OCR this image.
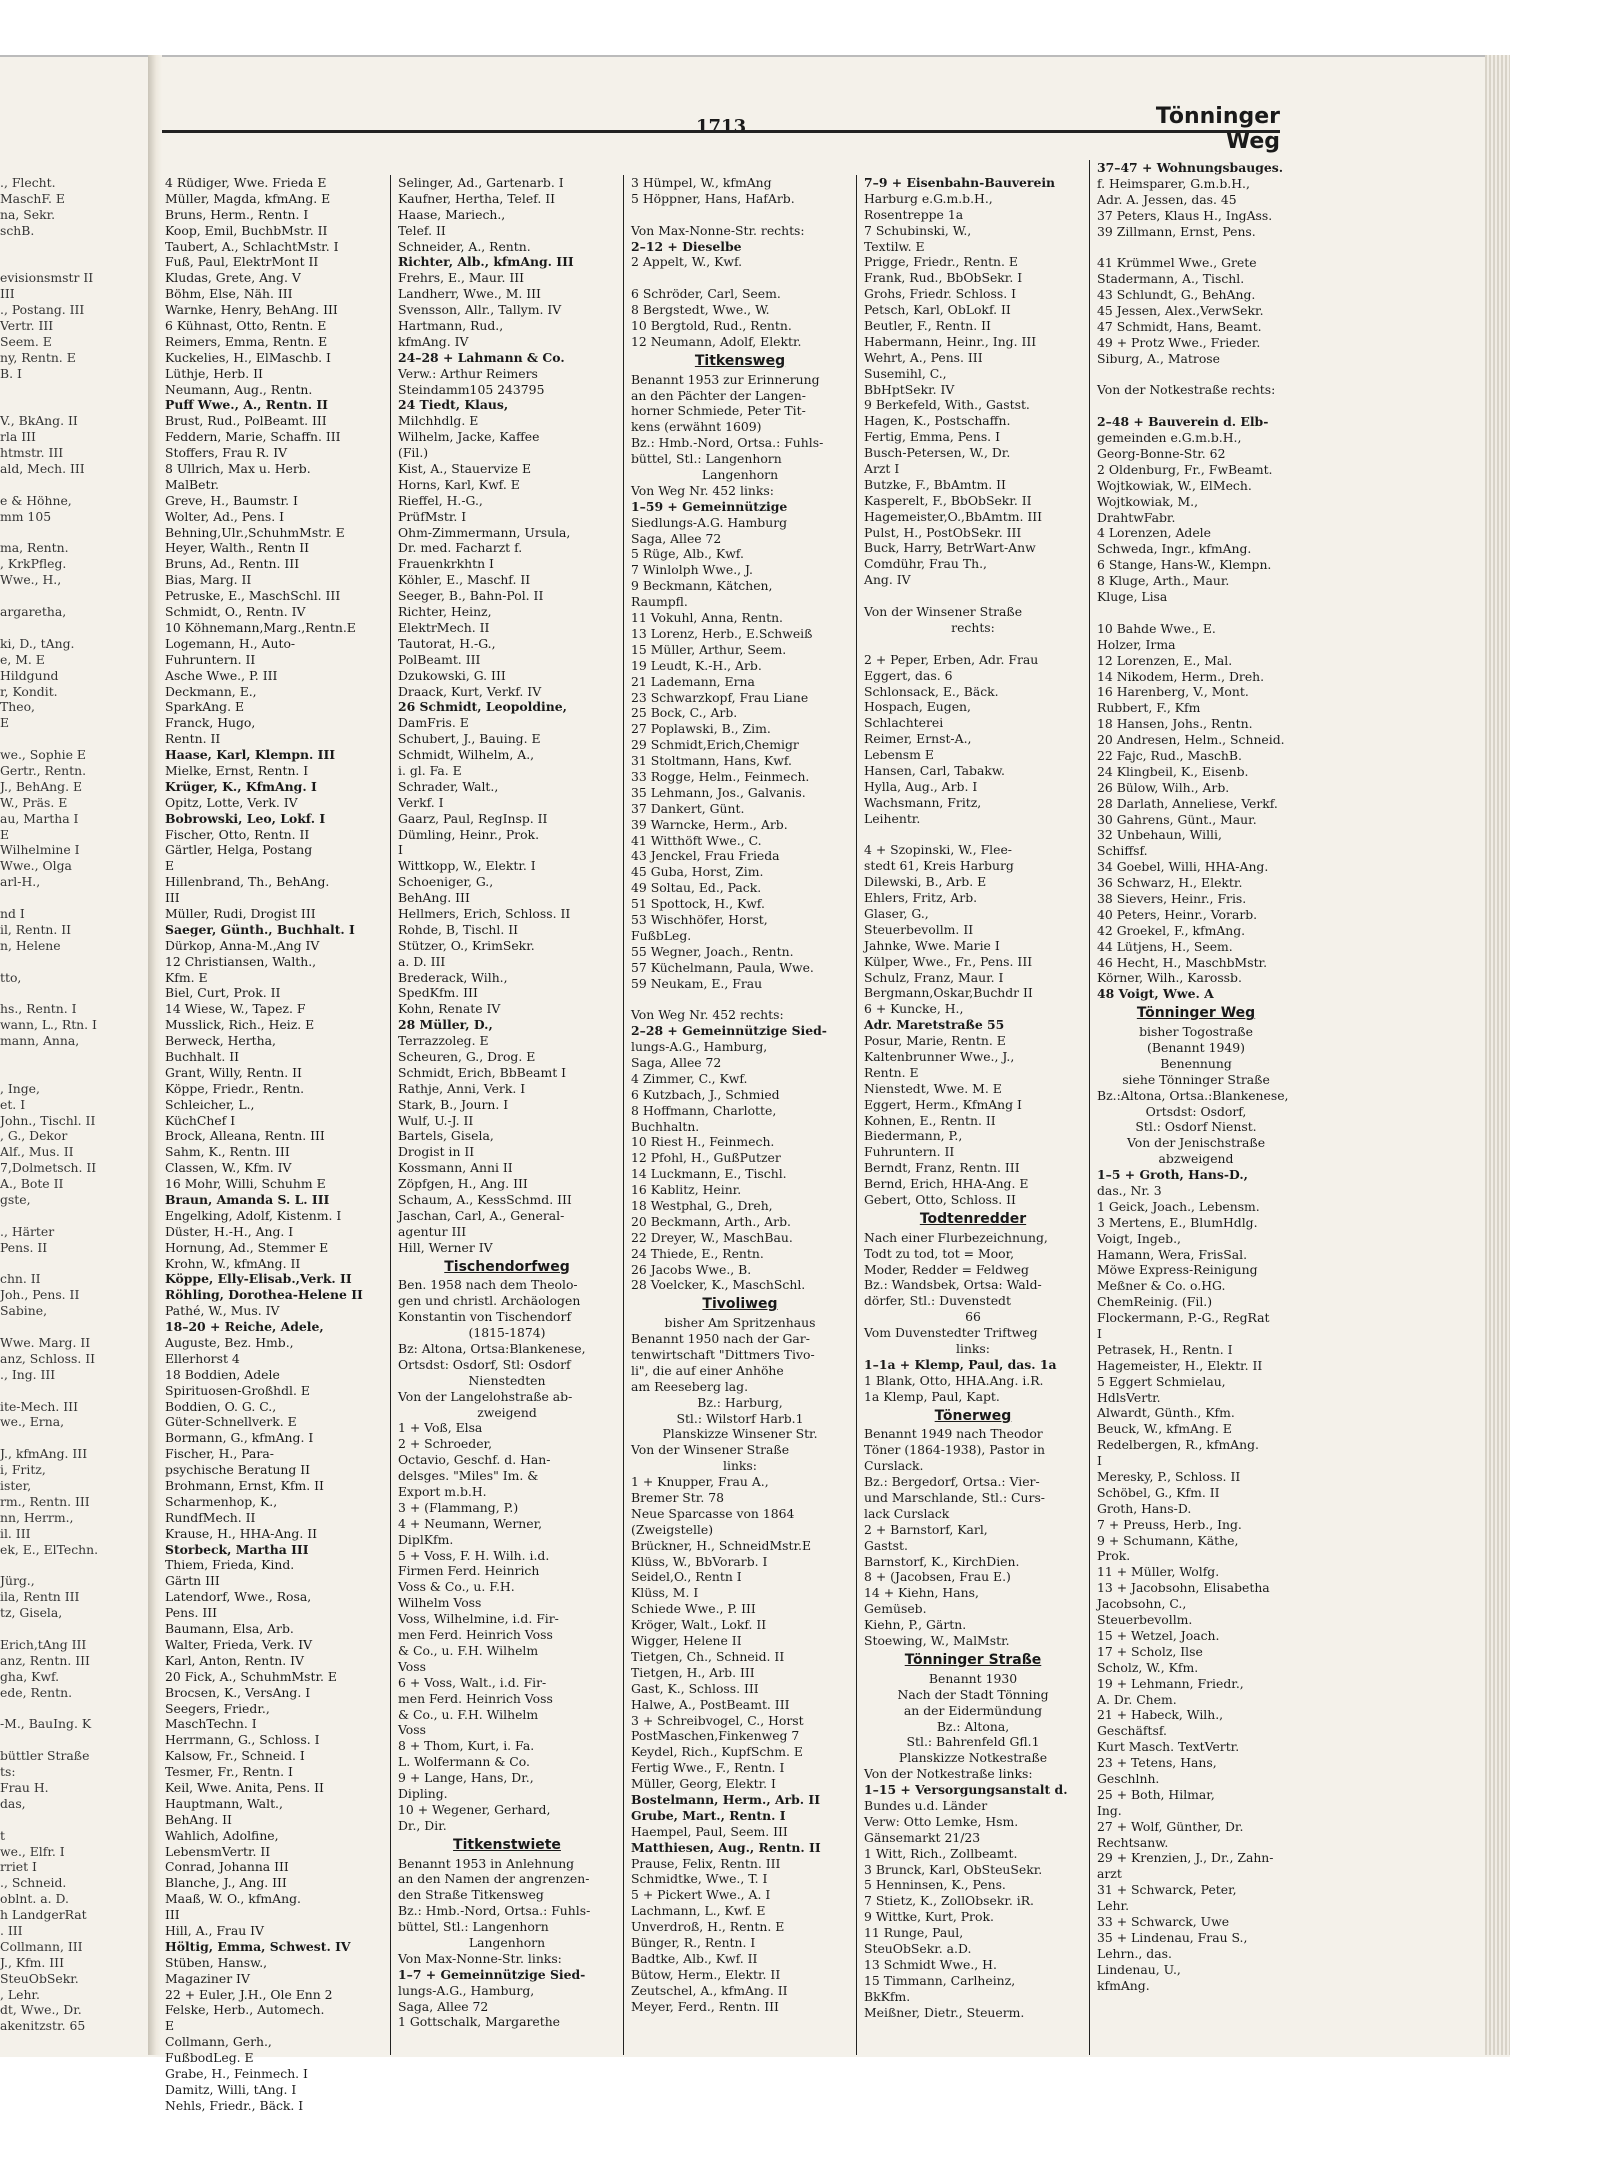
1713	Tönninger Weg
., Flecht.
MaschF. E
na, Sekr.
schB.
evisionsmstr II
III
., Postang. III
Vertr. III
Seem. E
ny, Rentn. E
B. I
V., BkAng. II
rla III
htmstr. III
ald, Mech. III
e & Höhne,
mm 105
ma, Rentn.
, KrkPfleg.
Wwe., H.,
argaretha,
ki, D., tAng.
e, M. E
Hildgund
r, Kondit.
Theo,
E
we., Sophie E
Gertr., Rentn.
J., BehAng. E
W., Präs. E
au, Martha I
E
Wilhelmine I
Wwe., Olga
arl-H.,
nd I
il, Rentn. II
n, Helene
tto,
hs., Rentn. I
wann, L., Rtn. I
mann, Anna,
, Inge,
et. I
John., Tischl. II
, G., Dekor
Alf., Mus. II
7,Dolmetsch. II
A., Bote II
gste,
., Härter
Pens. II
chn. II
Joh., Pens. II
Sabine,
Wwe. Marg. II
anz, Schloss. II
., Ing. III
ite-Mech. III
we., Erna,
J., kfmAng. III
i, Fritz,
ister,
rm., Rentn. III
nn, Herrm.,
il. III
ek, E., ElTechn.
Jürg.,
ila, Rentn III
tz, Gisela,
Erich,tAng III
anz, Rentn. III
gha, Kwf.
ede, Rentn.
-M., BauIng. K
büttler Straße
ts:
Frau H.
das,
t
we., Elfr. I
rriet I
., Schneid.
oblnt. a. D.
h LandgerRat
. III
Collmann, III
J., Kfm. III
SteuObSekr.
, Lehr.
dt, Wwe., Dr.
akenitzstr. 65
4 Rüdiger, Wwe. Frieda E
Müller, Magda, kfmAng. E
Bruns, Herm., Rentn. I
Koop, Emil, BuchbMstr. II
Taubert, A., SchlachtMstr. I
Fuß, Paul, ElektrMont II
Kludas, Grete, Ang. V
Böhm, Else, Näh. III
Warnke, Henry, BehAng. III
6 Kühnast, Otto, Rentn. E
Reimers, Emma, Rentn. E
Kuckelies, H., ElMaschb. I
Lüthje, Herb. II
Neumann, Aug., Rentn.
Puff Wwe., A., Rentn. II
Brust, Rud., PolBeamt. III
Feddern, Marie, Schaffn. III
Stoffers, Frau R. IV
8 Ullrich, Max u. Herb.
MalBetr.
Greve, H., Baumstr. I
Wolter, Ad., Pens. I
Behning,Ulr.,SchuhmMstr. E
Heyer, Walth., Rentn II
Bruns, Ad., Rentn. III
Bias, Marg. II
Petruske, E., MaschSchl. III
Schmidt, O., Rentn. IV
10 Köhnemann,Marg.,Rentn.E
Logemann, H., Auto-
Fuhruntern. II
Asche Wwe., P. III
Deckmann, E.,
SparkAng. E
Franck, Hugo,
Rentn. II
Haase, Karl, Klempn. III
Mielke, Ernst, Rentn. I
Krüger, K., KfmAng. I
Opitz, Lotte, Verk. IV
Bobrowski, Leo, Lokf. I
Fischer, Otto, Rentn. II
Gärtler, Helga, Postang
E
Hillenbrand, Th., BehAng.
III
Müller, Rudi, Drogist III
Saeger, Günth., Buchhalt. I
Dürkop, Anna-M.,Ang IV
12 Christiansen, Walth.,
Kfm. E
Biel, Curt, Prok. II
14 Wiese, W., Tapez. F
Musslick, Rich., Heiz. E
Berweck, Hertha,
Buchhalt. II
Grant, Willy, Rentn. II
Köppe, Friedr., Rentn.
Schleicher, L.,
KüchChef I
Brock, Alleana, Rentn. III
Sahm, K., Rentn. III
Classen, W., Kfm. IV
16 Mohr, Willi, Schuhm E
Braun, Amanda S. L. III
Engelking, Adolf, Kistenm. I
Düster, H.-H., Ang. I
Hornung, Ad., Stemmer E
Krohn, W., kfmAng. II
Köppe, Elly-Elisab.,Verk. II
Röhling, Dorothea-Helene II
Pathé, W., Mus. IV
18–20 + Reiche, Adele,
Auguste, Bez. Hmb.,
Ellerhorst 4
18 Boddien, Adele
Spirituosen-Großhdl. E
Boddien, O. G. C.,
Güter-Schnellverk. E
Bormann, G., kfmAng. I
Fischer, H., Para-
psychische Beratung II
Brohmann, Ernst, Kfm. II
Scharmenhop, K.,
RundfMech. II
Krause, H., HHA-Ang. II
Storbeck, Martha III
Thiem, Frieda, Kind.
Gärtn III
Latendorf, Wwe., Rosa,
Pens. III
Baumann, Elsa, Arb.
Walter, Frieda, Verk. IV
Karl, Anton, Rentn. IV
20 Fick, A., SchuhmMstr. E
Brocsen, K., VersAng. I
Seegers, Friedr.,
MaschTechn. I
Herrmann, G., Schloss. I
Kalsow, Fr., Schneid. I
Tesmer, Fr., Rentn. I
Keil, Wwe. Anita, Pens. II
Hauptmann, Walt.,
BehAng. II
Wahlich, Adolfine,
LebensmVertr. II
Conrad, Johanna III
Blanche, J., Ang. III
Maaß, W. O., kfmAng.
III
Hill, A., Frau IV
Höltig, Emma, Schwest. IV
Stüben, Hansw.,
Magaziner IV
22 + Euler, J.H., Ole Enn 2
Felske, Herb., Automech.
E
Collmann, Gerh.,
FußbodLeg. E
Grabe, H., Feinmech. I
Damitz, Willi, tAng. I
Nehls, Friedr., Bäck. I
Selinger, Ad., Gartenarb. I
Kaufner, Hertha, Telef. II
Haase, Mariech.,
Telef. II
Schneider, A., Rentn.
Richter, Alb., kfmAng. III
Frehrs, E., Maur. III
Landherr, Wwe., M. III
Svensson, Allr., Tallym. IV
Hartmann, Rud.,
kfmAng. IV
24–28 + Lahmann & Co.
Verw.: Arthur Reimers
Steindamm105 243795
24 Tiedt, Klaus,
Milchhdlg. E
Wilhelm, Jacke, Kaffee
(Fil.)
Kist, A., Stauervize E
Horns, Karl, Kwf. E
Rieffel, H.-G.,
PrüfMstr. I
Ohm-Zimmermann, Ursula,
Dr. med. Facharzt f.
Frauenkrkhtn I
Köhler, E., Maschf. II
Seeger, B., Bahn-Pol. II
Richter, Heinz,
ElektrMech. II
Tautorat, H.-G.,
PolBeamt. III
Dzukowski, G. III
Draack, Kurt, Verkf. IV
26 Schmidt, Leopoldine,
DamFris. E
Schubert, J., Bauing. E
Schmidt, Wilhelm, A.,
i. gl. Fa. E
Schrader, Walt.,
Verkf. I
Gaarz, Paul, RegInsp. II
Dümling, Heinr., Prok.
I
Wittkopp, W., Elektr. I
Schoeniger, G.,
BehAng. III
Hellmers, Erich, Schloss. II
Rohde, B, Tischl. II
Stützer, O., KrimSekr.
a. D. III
Brederack, Wilh.,
SpedKfm. III
Kohn, Renate IV
28 Müller, D.,
Terrazzoleg. E
Scheuren, G., Drog. E
Schmidt, Erich, BbBeamt I
Rathje, Anni, Verk. I
Stark, B., Journ. I
Wulf, U.-J. II
Bartels, Gisela,
Drogist in II
Kossmann, Anni II
Zöpfgen, H., Ang. III
Schaum, A., KessSchmd. III
Jaschan, Carl, A., General-
agentur III
Hill, Werner IV
Tischendorfweg
Ben. 1958 nach dem Theolo-
gen und christl. Archäologen
Konstantin von Tischendorf
(1815-1874)
Bz: Altona, Ortsa:Blankenese,
Ortsdst: Osdorf, Stl: Osdorf
Nienstedten
Von der Langelohstraße ab-
zweigend
1 + Voß, Elsa
2 + Schroeder,
Octavio, Geschf. d. Han-
delsges. "Miles" Im. &
Export m.b.H.
3 + (Flammang, P.)
4 + Neumann, Werner,
DiplKfm.
5 + Voss, F. H. Wilh. i.d.
Firmen Ferd. Heinrich
Voss & Co., u. F.H.
Wilhelm Voss
Voss, Wilhelmine, i.d. Fir-
men Ferd. Heinrich Voss
& Co., u. F.H. Wilhelm
Voss
6 + Voss, Walt., i.d. Fir-
men Ferd. Heinrich Voss
& Co., u. F.H. Wilhelm
Voss
8 + Thom, Kurt, i. Fa.
L. Wolfermann & Co.
9 + Lange, Hans, Dr.,
Dipling.
10 + Wegener, Gerhard,
Dr., Dir.
Titkenstwiete
Benannt 1953 in Anlehnung
an den Namen der angrenzen-
den Straße Titkensweg
Bz.: Hmb.-Nord, Ortsa.: Fuhls-
büttel, Stl.: Langenhorn
Langenhorn
Von Max-Nonne-Str. links:
1–7 + Gemeinnützige Sied-
lungs-A.G., Hamburg,
Saga, Allee 72
1 Gottschalk, Margarethe
3 Hümpel, W., kfmAng
5 Höppner, Hans, HafArb.
Von Max-Nonne-Str. rechts:
2–12 + Dieselbe
2 Appelt, W., Kwf.
6 Schröder, Carl, Seem.
8 Bergstedt, Wwe., W.
10 Bergtold, Rud., Rentn.
12 Neumann, Adolf, Elektr.
Titkensweg
Benannt 1953 zur Erinnerung
an den Pächter der Langen-
horner Schmiede, Peter Tit-
kens (erwähnt 1609)
Bz.: Hmb.-Nord, Ortsa.: Fuhls-
büttel, Stl.: Langenhorn
Langenhorn
Von Weg Nr. 452 links:
1–59 + Gemeinnützige
Siedlungs-A.G. Hamburg
Saga, Allee 72
5 Rüge, Alb., Kwf.
7 Winlolph Wwe., J.
9 Beckmann, Kätchen,
Raumpfl.
11 Vokuhl, Anna, Rentn.
13 Lorenz, Herb., E.Schweiß
15 Müller, Arthur, Seem.
19 Leudt, K.-H., Arb.
21 Lademann, Erna
23 Schwarzkopf, Frau Liane
25 Bock, C., Arb.
27 Poplawski, B., Zim.
29 Schmidt,Erich,Chemigr
31 Stoltmann, Hans, Kwf.
33 Rogge, Helm., Feinmech.
35 Lehmann, Jos., Galvanis.
37 Dankert, Günt.
39 Warncke, Herm., Arb.
41 Witthöft Wwe., C.
43 Jenckel, Frau Frieda
45 Guba, Horst, Zim.
49 Soltau, Ed., Pack.
51 Spottock, H., Kwf.
53 Wischhöfer, Horst,
FußbLeg.
55 Wegner, Joach., Rentn.
57 Küchelmann, Paula, Wwe.
59 Neukam, E., Frau
Von Weg Nr. 452 rechts:
2–28 + Gemeinnützige Sied-
lungs-A.G., Hamburg,
Saga, Allee 72
4 Zimmer, C., Kwf.
6 Kutzbach, J., Schmied
8 Hoffmann, Charlotte,
Buchhaltn.
10 Riest H., Feinmech.
12 Pfohl, H., GußPutzer
14 Luckmann, E., Tischl.
16 Kablitz, Heinr.
18 Westphal, G., Dreh,
20 Beckmann, Arth., Arb.
22 Dreyer, W., MaschBau.
24 Thiede, E., Rentn.
26 Jacobs Wwe., B.
28 Voelcker, K., MaschSchl.
Tivoliweg
bisher Am Spritzenhaus
Benannt 1950 nach der Gar-
tenwirtschaft "Dittmers Tivo-
li", die auf einer Anhöhe
am Reeseberg lag.
Bz.: Harburg,
Stl.: Wilstorf Harb.1
Planskizze Winsener Str.
Von der Winsener Straße
links:
1 + Knupper, Frau A.,
Bremer Str. 78
Neue Sparcasse von 1864
(Zweigstelle)
Brückner, H., SchneidMstr.E
Klüss, W., BbVorarb. I
Seidel,O., Rentn I
Klüss, M. I
Schiede Wwe., P. III
Kröger, Walt., Lokf. II
Wigger, Helene II
Tietgen, Ch., Schneid. II
Tietgen, H., Arb. III
Gast, K., Schloss. III
Halwe, A., PostBeamt. III
3 + Schreibvogel, C., Horst
PostMaschen,Finkenweg 7
Keydel, Rich., KupfSchm. E
Fertig Wwe., F., Rentn. I
Müller, Georg, Elektr. I
Bostelmann, Herm., Arb. II
Grube, Mart., Rentn. I
Haempel, Paul, Seem. III
Matthiesen, Aug., Rentn. II
Prause, Felix, Rentn. III
Schmidtke, Wwe., T. I
5 + Pickert Wwe., A. I
Lachmann, L., Kwf. E
Unverdroß, H., Rentn. E
Bünger, R., Rentn. I
Badtke, Alb., Kwf. II
Bütow, Herm., Elektr. II
Zeutschel, A., kfmAng. II
Meyer, Ferd., Rentn. III
7–9 + Eisenbahn-Bauverein
Harburg e.G.m.b.H.,
Rosentreppe 1a
7 Schubinski, W.,
Textilw. E
Prigge, Friedr., Rentn. E
Frank, Rud., BbObSekr. I
Grohs, Friedr. Schloss. I
Petsch, Karl, ObLokf. II
Beutler, F., Rentn. II
Habermann, Heinr., Ing. III
Wehrt, A., Pens. III
Susemihl, C.,
BbHptSekr. IV
9 Berkefeld, With., Gastst.
Hagen, K., Postschaffn.
Fertig, Emma, Pens. I
Busch-Petersen, W., Dr.
Arzt I
Butzke, F., BbAmtm. II
Kasperelt, F., BbObSekr. II
Hagemeister,O.,BbAmtm. III
Pulst, H., PostObSekr. III
Buck, Harry, BetrWart-Anw
Comdühr, Frau Th.,
Ang. IV
Von der Winsener Straße
rechts:
2 + Peper, Erben, Adr. Frau
Eggert, das. 6
Schlonsack, E., Bäck.
Hospach, Eugen,
Schlachterei
Reimer, Ernst-A.,
Lebensm E
Hansen, Carl, Tabakw.
Hylla, Aug., Arb. I
Wachsmann, Fritz,
Leihentr.
4 + Szopinski, W., Flee-
stedt 61, Kreis Harburg
Dilewski, B., Arb. E
Ehlers, Fritz, Arb.
Glaser, G.,
Steuerbevollm. II
Jahnke, Wwe. Marie I
Külper, Wwe., Fr., Pens. III
Schulz, Franz, Maur. I
Bergmann,Oskar,Buchdr II
6 + Kuncke, H.,
Adr. Maretstraße 55
Posur, Marie, Rentn. E
Kaltenbrunner Wwe., J.,
Rentn. E
Nienstedt, Wwe. M. E
Eggert, Herm., KfmAng I
Kohnen, E., Rentn. II
Biedermann, P.,
Fuhruntern. II
Berndt, Franz, Rentn. III
Bernd, Erich, HHA-Ang. E
Gebert, Otto, Schloss. II
Todtenredder
Nach einer Flurbezeichnung,
Todt zu tod, tot = Moor,
Moder, Redder = Feldweg
Bz.: Wandsbek, Ortsa: Wald-
dörfer, Stl.: Duvenstedt
66
Vom Duvenstedter Triftweg
links:
1–1a + Klemp, Paul, das. 1a
1 Blank, Otto, HHA.Ang. i.R.
1a Klemp, Paul, Kapt.
Tönerweg
Benannt 1949 nach Theodor
Töner (1864-1938), Pastor in
Curslack.
Bz.: Bergedorf, Ortsa.: Vier-
und Marschlande, Stl.: Curs-
lack Curslack
2 + Barnstorf, Karl,
Gastst.
Barnstorf, K., KirchDien.
8 + (Jacobsen, Frau E.)
14 + Kiehn, Hans,
Gemüseb.
Kiehn, P., Gärtn.
Stoewing, W., MalMstr.
Tönninger Straße
Benannt 1930
Nach der Stadt Tönning
an der Eidermündung
Bz.: Altona,
Stl.: Bahrenfeld Gfl.1
Planskizze Notkestraße
Von der Notkestraße links:
1–15 + Versorgungsanstalt d.
Bundes u.d. Länder
Verw: Otto Lemke, Hsm.
Gänsemarkt 21/23
1 Witt, Rich., Zollbeamt.
3 Brunck, Karl, ObSteuSekr.
5 Henninsen, K., Pens.
7 Stietz, K., ZollObsekr. iR.
9 Wittke, Kurt, Prok.
11 Runge, Paul,
SteuObSekr. a.D.
13 Schmidt Wwe., H.
15 Timmann, Carlheinz,
BkKfm.
Meißner, Dietr., Steuerm.
37–47 + Wohnungsbauges.
f. Heimsparer, G.m.b.H.,
Adr. A. Jessen, das. 45
37 Peters, Klaus H., IngAss.
39 Zillmann, Ernst, Pens.
41 Krümmel Wwe., Grete
Stadermann, A., Tischl.
43 Schlundt, G., BehAng.
45 Jessen, Alex.,VerwSekr.
47 Schmidt, Hans, Beamt.
49 + Protz Wwe., Frieder.
Siburg, A., Matrose
Von der Notkestraße rechts:
2–48 + Bauverein d. Elb-
gemeinden e.G.m.b.H.,
Georg-Bonne-Str. 62
2 Oldenburg, Fr., FwBeamt.
Wojtkowiak, W., ElMech.
Wojtkowiak, M.,
DrahtwFabr.
4 Lorenzen, Adele
Schweda, Ingr., kfmAng.
6 Stange, Hans-W., Klempn.
8 Kluge, Arth., Maur.
Kluge, Lisa
10 Bahde Wwe., E.
Holzer, Irma
12 Lorenzen, E., Mal.
14 Nikodem, Herm., Dreh.
16 Harenberg, V., Mont.
Rubbert, F., Kfm
18 Hansen, Johs., Rentn.
20 Andresen, Helm., Schneid.
22 Fajc, Rud., MaschB.
24 Klingbeil, K., Eisenb.
26 Bülow, Wilh., Arb.
28 Darlath, Anneliese, Verkf.
30 Gahrens, Günt., Maur.
32 Unbehaun, Willi,
Schiffsf.
34 Goebel, Willi, HHA-Ang.
36 Schwarz, H., Elektr.
38 Sievers, Heinr., Fris.
40 Peters, Heinr., Vorarb.
42 Groekel, F., kfmAng.
44 Lütjens, H., Seem.
46 Hecht, H., MaschbMstr.
Körner, Wilh., Karossb.
48 Voigt, Wwe. A
Tönninger Weg
bisher Togostraße
(Benannt 1949)
Benennung
siehe Tönninger Straße
Bz.:Altona, Ortsa.:Blankenese,
Ortsdst: Osdorf,
Stl.: Osdorf Nienst.
Von der Jenischstraße
abzweigend
1–5 + Groth, Hans-D.,
das., Nr. 3
1 Geick, Joach., Lebensm.
3 Mertens, E., BlumHdlg.
Voigt, Ingeb.,
Hamann, Wera, FrisSal.
Möwe Express-Reinigung
Meßner & Co. o.HG.
ChemReinig. (Fil.)
Flockermann, P.-G., RegRat
I
Petrasek, H., Rentn. I
Hagemeister, H., Elektr. II
5 Eggert Schmielau,
HdlsVertr.
Alwardt, Günth., Kfm.
Beuck, W., kfmAng. E
Redelbergen, R., kfmAng.
I
Meresky, P., Schloss. II
Schöbel, G., Kfm. II
Groth, Hans-D.
7 + Preuss, Herb., Ing.
9 + Schumann, Käthe,
Prok.
11 + Müller, Wolfg.
13 + Jacobsohn, Elisabetha
Jacobsohn, C.,
Steuerbevollm.
15 + Wetzel, Joach.
17 + Scholz, Ilse
Scholz, W., Kfm.
19 + Lehmann, Friedr.,
A. Dr. Chem.
21 + Habeck, Wilh.,
Geschäftsf.
Kurt Masch. TextVertr.
23 + Tetens, Hans,
Geschlnh.
25 + Both, Hilmar,
Ing.
27 + Wolf, Günther, Dr.
Rechtsanw.
29 + Krenzien, J., Dr., Zahn-
arzt
31 + Schwarck, Peter,
Lehr.
33 + Schwarck, Uwe
35 + Lindenau, Frau S.,
Lehrn., das.
Lindenau, U.,
kfmAng.
